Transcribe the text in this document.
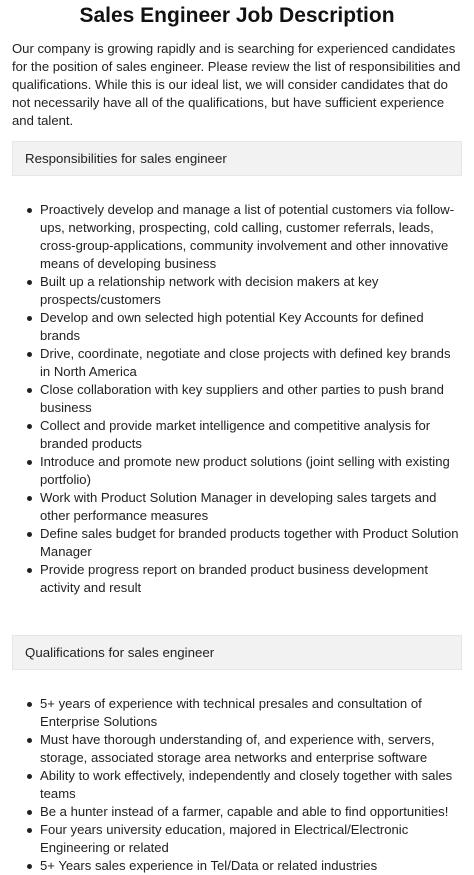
Sales Engineer Job Description

Our company is growing rapidly and is searching for experienced candidates for the position of sales engineer. Please review the list of responsibilities and qualifications. While this is our ideal list, we will consider candidates that do not necessarily have all of the qualifications, but have sufficient experience and talent.

Responsibilities for sales engineer
Proactively develop and manage a list of potential customers via follow-ups, networking, prospecting, cold calling, customer referrals, leads, cross-group-applications, community involvement and other innovative means of developing business
Built up a relationship network with decision makers at key prospects/customers
Develop and own selected high potential Key Accounts for defined brands
Drive, coordinate, negotiate and close projects with defined key brands in North America
Close collaboration with key suppliers and other parties to push brand business
Collect and provide market intelligence and competitive analysis for branded products
Introduce and promote new product solutions (joint selling with existing portfolio)
Work with Product Solution Manager in developing sales targets and other performance measures
Define sales budget for branded products together with Product Solution Manager
Provide progress report on branded product business development activity and result
Qualifications for sales engineer
5+ years of experience with technical presales and consultation of Enterprise Solutions
Must have thorough understanding of, and experience with, servers, storage, associated storage area networks and enterprise software
Ability to work effectively, independently and closely together with sales teams
Be a hunter instead of a farmer, capable and able to find opportunities!
Four years university education, majored in Electrical/Electronic Engineering or related
5+ Years sales experience in Tel/Data or related industries
